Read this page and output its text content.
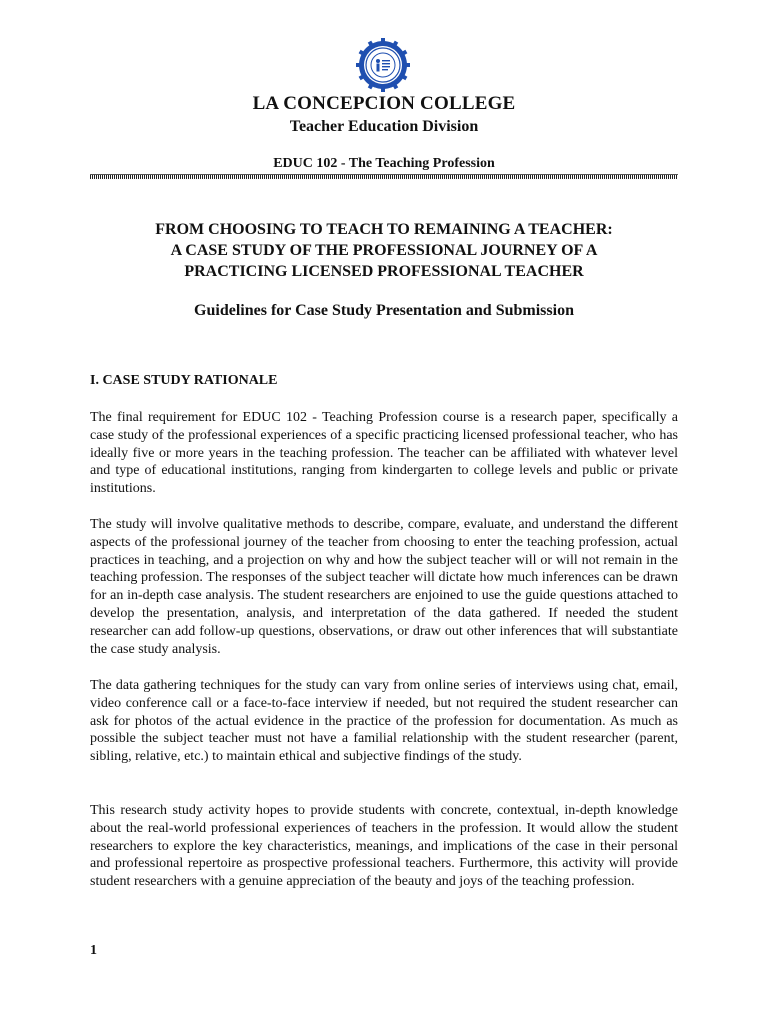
LA CONCEPCION COLLEGE
Teacher Education Division
EDUC 102 - The Teaching Profession
FROM CHOOSING TO TEACH TO REMAINING A TEACHER:
A CASE STUDY OF THE PROFESSIONAL JOURNEY OF A
PRACTICING LICENSED PROFESSIONAL TEACHER
Guidelines for Case Study Presentation and Submission
I. CASE STUDY RATIONALE

The final requirement for EDUC 102 - Teaching Profession course is a research paper, specifically a case study of the professional experiences of a specific practicing licensed professional teacher, who has ideally five or more years in the teaching profession. The teacher can be affiliated with whatever level and type of educational institutions, ranging from kindergarten to college levels and public or private institutions.

The study will involve qualitative methods to describe, compare, evaluate, and understand the different aspects of the professional journey of the teacher from choosing to enter the teaching profession, actual practices in teaching, and a projection on why and how the subject teacher will or will not remain in the teaching profession. The responses of the subject teacher will dictate how much inferences can be drawn for an in-depth case analysis. The student researchers are enjoined to use the guide questions attached to develop the presentation, analysis, and interpretation of the data gathered. If needed the student researcher can add follow-up questions, observations, or draw out other inferences that will substantiate the case study analysis.

The data gathering techniques for the study can vary from online series of interviews using chat, email, video conference call or a face-to-face interview if needed, but not required the student researcher can ask for photos of the actual evidence in the practice of the profession for documentation. As much as possible the subject teacher must not have a familial relationship with the student researcher (parent, sibling, relative, etc.) to maintain ethical and subjective findings of the study.

This research study activity hopes to provide students with concrete, contextual, in-depth knowledge about the real-world professional experiences of teachers in the profession. It would allow the student researchers to explore the key characteristics, meanings, and implications of the case in their personal and professional repertoire as prospective professional teachers. Furthermore, this activity will provide student researchers with a genuine appreciation of the beauty and joys of the teaching profession.

1
